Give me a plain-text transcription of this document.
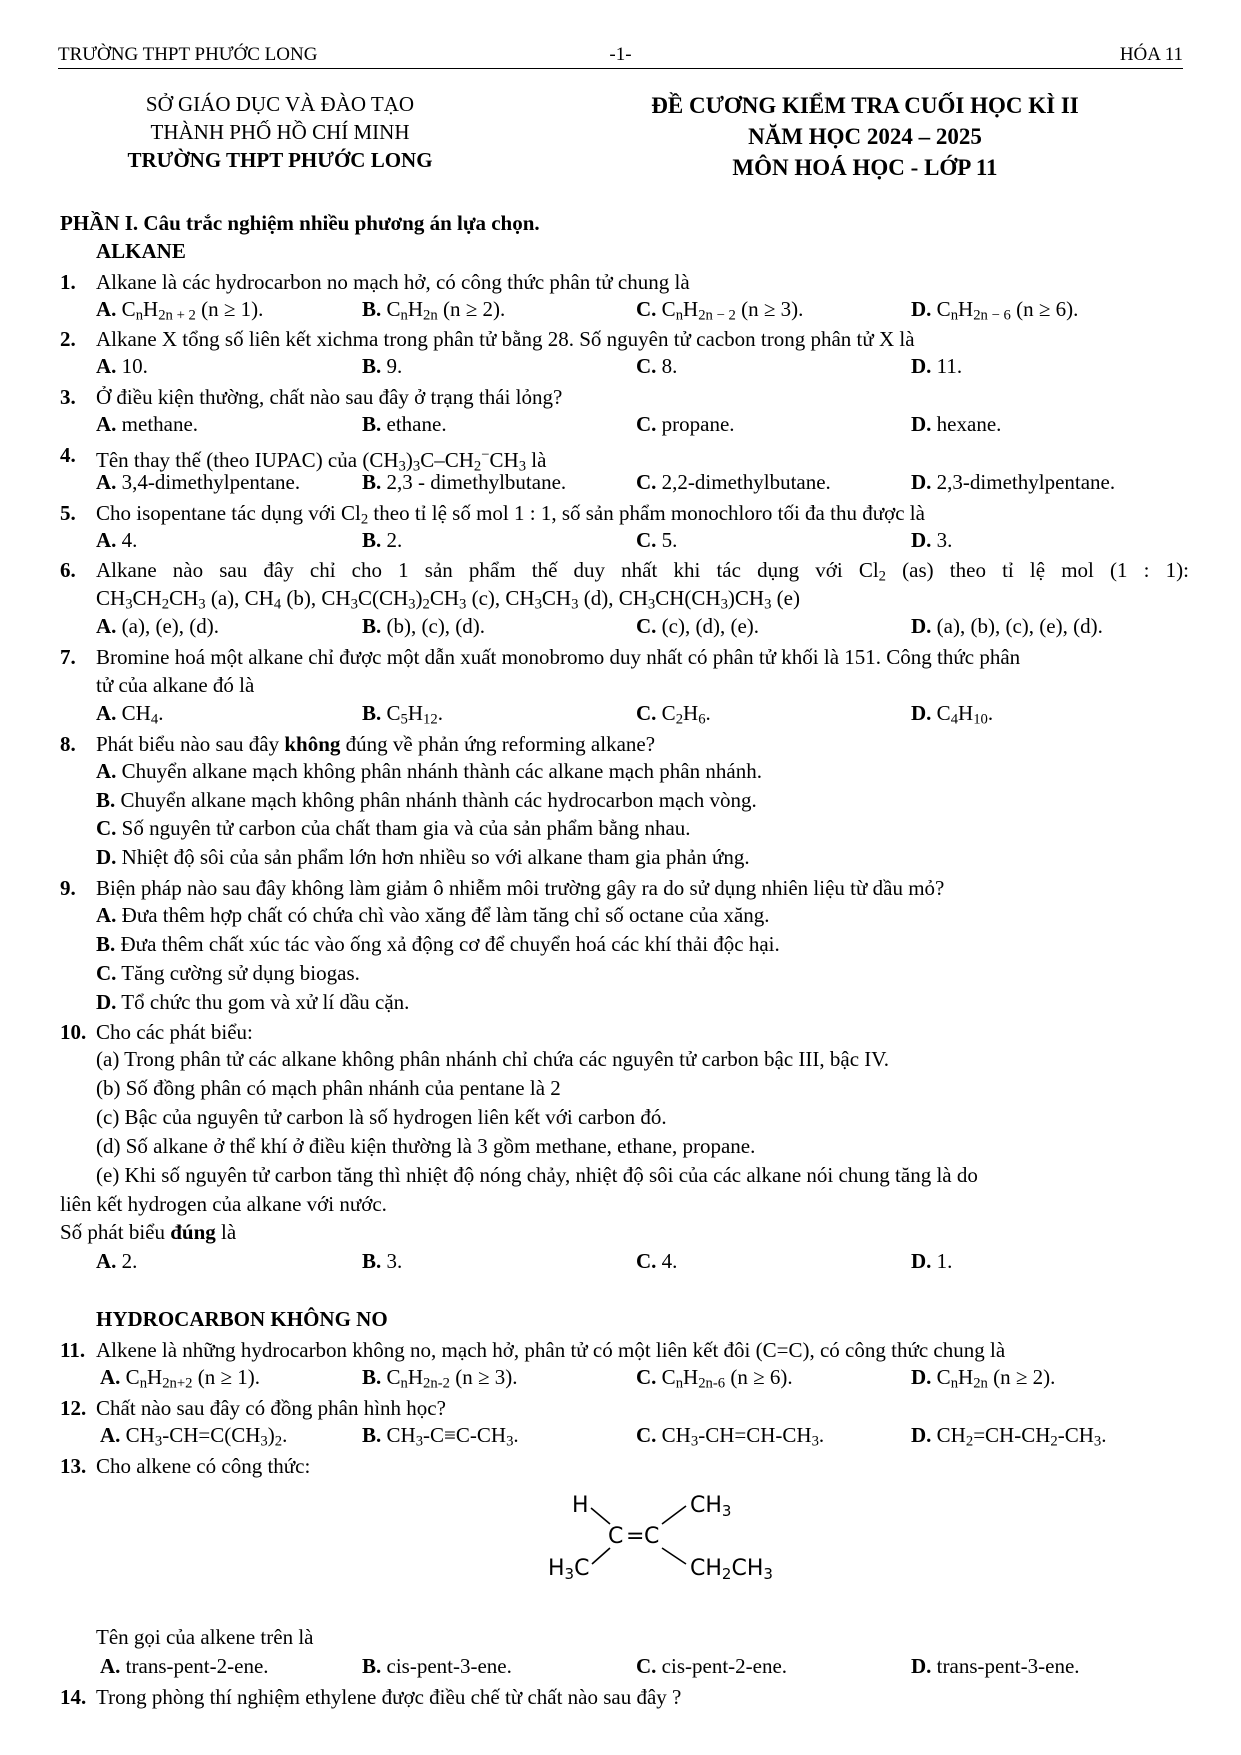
TRƯỜNG THPT PHƯỚC LONG	-1-	HÓA 11
SỞ GIÁO DỤC VÀ ĐÀO TẠO
THÀNH PHỐ HỒ CHÍ MINH
TRƯỜNG THPT PHƯỚC LONG
ĐỀ CƯƠNG KIỂM TRA CUỐI HỌC KÌ II
NĂM HỌC 2024 – 2025
MÔN HOÁ HỌC - LỚP 11
PHẦN I. Câu trắc nghiệm nhiều phương án lựa chọn.
ALKANE
1. Alkane là các hydrocarbon no mạch hở, có công thức phân tử chung là
A. $C_nH_{2n + 2}$ (n ≥ 1).	B. $C_nH_{2n}$ (n ≥ 2).	C. $C_nH_{2n - 2}$ (n ≥ 3).	D. $C_nH_{2n - 6}$ (n ≥ 6).
2. Alkane X tổng số liên kết xichma trong phân tử bằng 28. Số nguyên tử cacbon trong phân tử X là
A. 10.	B. 9.	C. 8.	D. 11.
3. Ở điều kiện thường, chất nào sau đây ở trạng thái lỏng?
A. methane.	B. ethane.	C. propane.	D. hexane.
4. Tên thay thế (theo IUPAC) của $(CH_3)_3C-CH_2^-CH_3$ là
A. 3,4-dimethylpentane.	B. 2,3 - dimethylbutane.	C. 2,2-dimethylbutane.	D. 2,3-dimethylpentane.
5. Cho isopentane tác dụng với $Cl_2$ theo tỉ lệ số mol 1 : 1, số sản phẩm monochloro tối đa thu được là
A. 4.	B. 2.	C. 5.	D. 3.
6. Alkane nào sau đây chỉ cho 1 sản phẩm thế duy nhất khi tác dụng với $Cl_2$ (as) theo tỉ lệ mol (1 : 1):
$CH_3CH_2CH_3$ (a), $CH_4$ (b), $CH_3C(CH_3)_2CH_3$ (c), $CH_3CH_3$ (d), $CH_3CH(CH_3)CH_3$ (e)
A. (a), (e), (d).	B. (b), (c), (d).	C. (c), (d), (e).	D. (a), (b), (c), (e), (d).
7. Bromine hoá một alkane chỉ được một dẫn xuất monobromo duy nhất có phân tử khối là 151. Công thức phân
tử của alkane đó là
A. $CH_4$.	B. $C_5H_{12}$.	C. $C_2H_6$.	D. $C_4H_{10}$.
8. Phát biểu nào sau đây không đúng về phản ứng reforming alkane?
A. Chuyển alkane mạch không phân nhánh thành các alkane mạch phân nhánh.
B. Chuyển alkane mạch không phân nhánh thành các hydrocarbon mạch vòng.
C. Số nguyên tử carbon của chất tham gia và của sản phẩm bằng nhau.
D. Nhiệt độ sôi của sản phẩm lớn hơn nhiều so với alkane tham gia phản ứng.
9. Biện pháp nào sau đây không làm giảm ô nhiễm môi trường gây ra do sử dụng nhiên liệu từ dầu mỏ?
A. Đưa thêm hợp chất có chứa chì vào xăng để làm tăng chỉ số octane của xăng.
B. Đưa thêm chất xúc tác vào ống xả động cơ để chuyển hoá các khí thải độc hại.
C. Tăng cường sử dụng biogas.
D. Tổ chức thu gom và xử lí dầu cặn.
10. Cho các phát biểu:
(a) Trong phân tử các alkane không phân nhánh chỉ chứa các nguyên tử carbon bậc III, bậc IV.
(b) Số đồng phân có mạch phân nhánh của pentane là 2
(c) Bậc của nguyên tử carbon là số hydrogen liên kết với carbon đó.
(d) Số alkane ở thể khí ở điều kiện thường là 3 gồm methane, ethane, propane.
(e) Khi số nguyên tử carbon tăng thì nhiệt độ nóng chảy, nhiệt độ sôi của các alkane nói chung tăng là do
liên kết hydrogen của alkane với nước.
Số phát biểu đúng là
A. 2.	B. 3.	C. 4.	D. 1.
HYDROCARBON KHÔNG NO
11. Alkene là những hydrocarbon không no, mạch hở, phân tử có một liên kết đôi (C=C), có công thức chung là
A. $C_nH_{2n+2}$ (n ≥ 1).	B. $C_nH_{2n-2}$ (n ≥ 3).	C. $C_nH_{2n-6}$ (n ≥ 6).	D. $C_nH_{2n}$ (n ≥ 2).
12. Chất nào sau đây có đồng phân hình học?
A. $CH_3-CH=C(CH_3)_2$.	B. $CH_3-C\equiv C-CH_3$.	C. $CH_3-CH=CH-CH_3$.	D. $CH_2=CH-CH_2-CH_3$.
13. Cho alkene có công thức:
H	CH3
C = C
H3C	CH2CH3
Tên gọi của alkene trên là
A. trans-pent-2-ene.	B. cis-pent-3-ene.	C. cis-pent-2-ene.	D. trans-pent-3-ene.
14. Trong phòng thí nghiệm ethylene được điều chế từ chất nào sau đây ?
